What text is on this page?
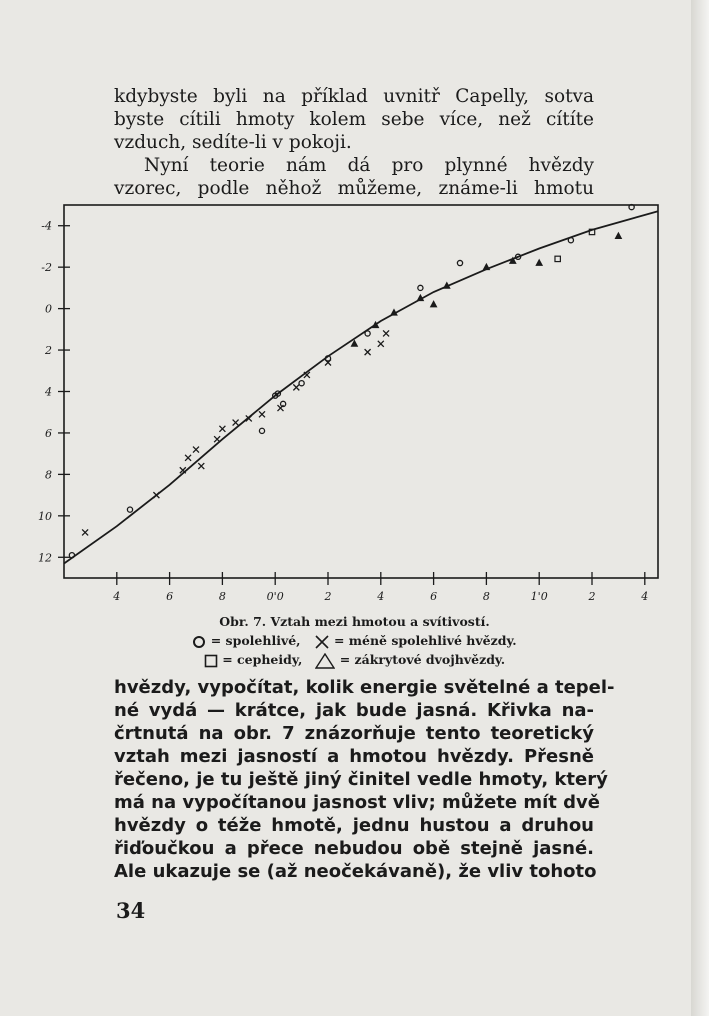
kdybyste byli na příklad uvnitř Capelly, sotva
byste cítili hmoty kolem sebe více, než cítíte
vzduch, sedíte-li v pokoji.
Nyní teorie nám dá pro plynné hvězdy
vzorec, podle něhož můžeme, známe-li hmotu

-4
-2
0
2
4
6
8
10
12
4	6	8	0'0	2	4	6	8	1'0	2	4
Obr. 7. Vztah mezi hmotou a svítivostí.
= spolehlivé,	= méně spolehlivé hvězdy.
= cepheidy,	= zákrytové dvojhvězdy.

hvězdy, vypočítat, kolik energie světelné a tepel-
né vydá — krátce, jak bude jasná. Křivka na-
črtnutá na obr. 7 znázorňuje tento teoretický
vztah mezi jasností a hmotou hvězdy. Přesně
řečeno, je tu ještě jiný činitel vedle hmoty, který
má na vypočítanou jasnost vliv; můžete mít dvě
hvězdy o téže hmotě, jednu hustou a druhou
řiďoučkou a přece nebudou obě stejně jasné.
Ale ukazuje se (až neočekávaně), že vliv tohoto

34
